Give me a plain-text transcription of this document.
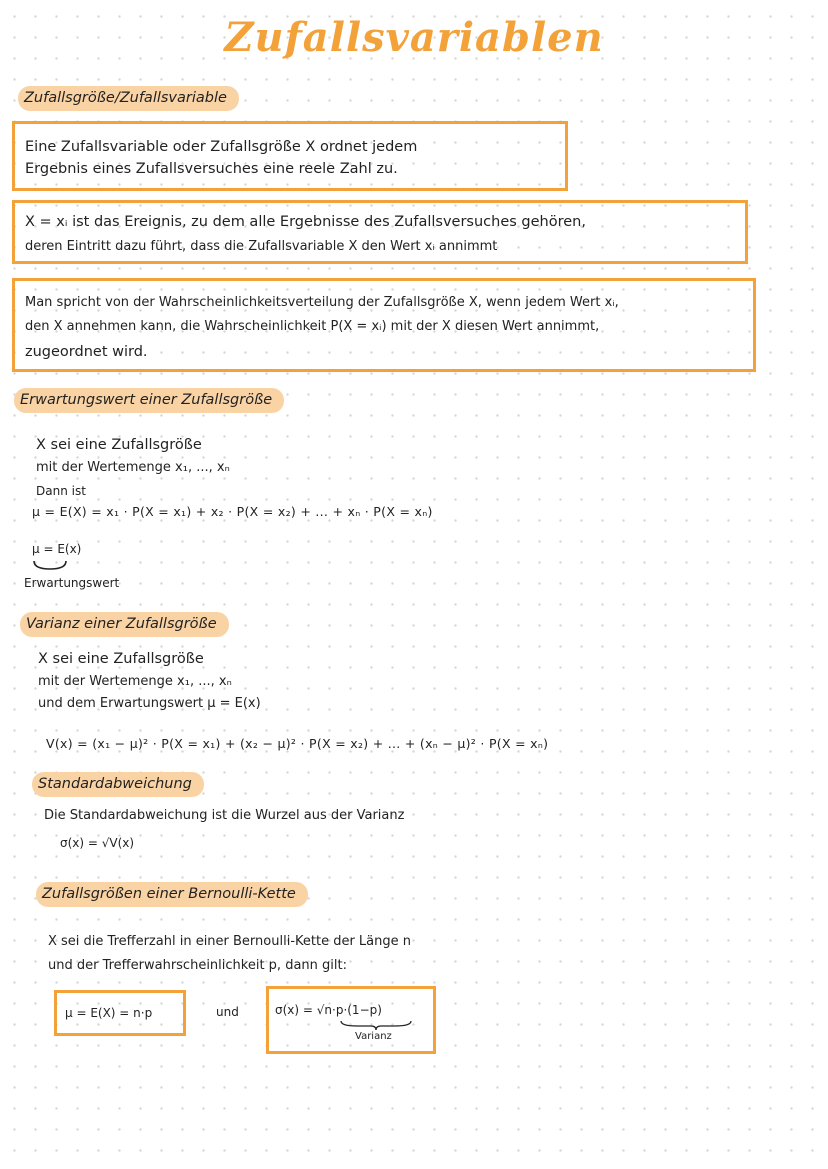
Zufallsvariablen
Zufallsgröße/Zufallsvariable
Eine Zufallsvariable oder Zufallsgröße X ordnet jedem
Ergebnis eines Zufallsversuches eine reele Zahl zu.
X = xᵢ ist das Ereignis, zu dem alle Ergebnisse des Zufallsversuches gehören,
deren Eintritt dazu führt, dass die Zufallsvariable X den Wert xᵢ annimmt
Man spricht von der Wahrscheinlichkeitsverteilung der Zufallsgröße X, wenn jedem Wert xᵢ,
den X annehmen kann, die Wahrscheinlichkeit P(X = xᵢ) mit der X diesen Wert annimmt,
zugeordnet wird.
Erwartungswert einer Zufallsgröße
X sei eine Zufallsgröße
mit der Wertemenge x₁, ..., xₙ
Dann ist
μ = E(X) = x₁ · P(X = x₁) + x₂ · P(X = x₂) + ... + xₙ · P(X = xₙ)
μ = E(x)
Erwartungswert
Varianz einer Zufallsgröße
X sei eine Zufallsgröße
mit der Wertemenge x₁, ..., xₙ
und dem Erwartungswert μ = E(x)
V(x) = (x₁ − μ)² · P(X = x₁) + (x₂ − μ)² · P(X = x₂) + ... + (xₙ − μ)² · P(X = xₙ)
Standardabweichung
Die Standardabweichung ist die Wurzel aus der Varianz
σ(x) = √V(x)
Zufallsgrößen einer Bernoulli-Kette
X sei die Trefferzahl in einer Bernoulli-Kette der Länge n
und der Trefferwahrscheinlichkeit p, dann gilt:
μ = E(X) = n·p	und	σ(x) = √n·p·(1−p)
Varianz
